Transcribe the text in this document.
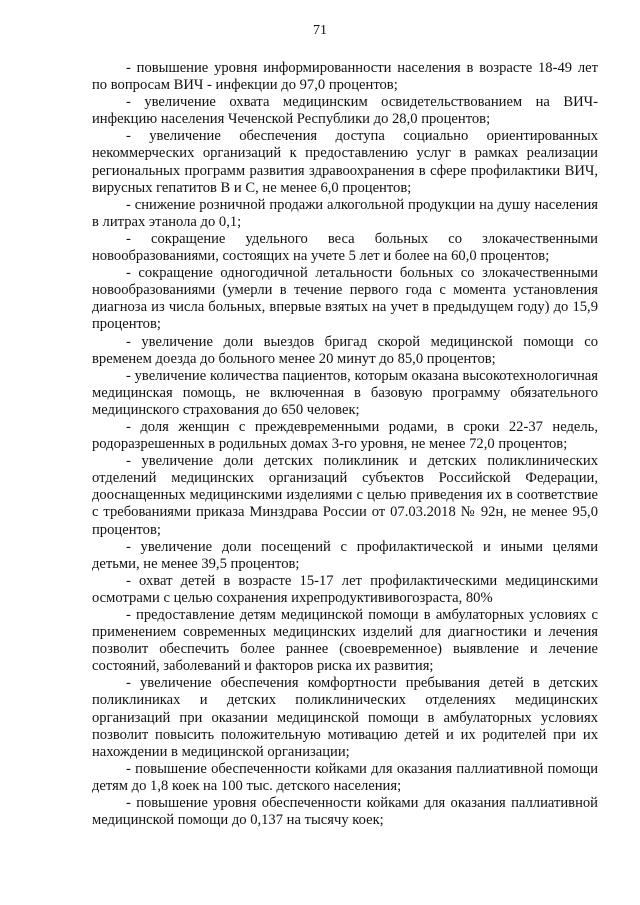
71

- повышение уровня информированности населения в возрасте 18-49 лет по вопросам ВИЧ - инфекции до 97,0 процентов;

- увеличение охвата медицинским освидетельствованием на ВИЧ-инфекцию населения Чеченской Республики до 28,0 процентов;

- увеличение обеспечения доступа социально ориентированных некоммерческих организаций к предоставлению услуг в рамках реализации региональных программ развития здравоохранения в сфере профилактики ВИЧ, вирусных гепатитов В и С, не менее 6,0 процентов;

- снижение розничной продажи алкогольной продукции на душу населения в литрах этанола до 0,1;

- сокращение удельного веса больных со злокачественными новообразованиями, состоящих на учете 5 лет и более на 60,0 процентов;

- сокращение одногодичной летальности больных со злокачественными новообразованиями (умерли в течение первого года с момента установления диагноза из числа больных, впервые взятых на учет в предыдущем году) до 15,9 процентов;

- увеличение доли выездов бригад скорой медицинской помощи со временем доезда до больного менее 20 минут до 85,0 процентов;

- увеличение количества пациентов, которым оказана высокотехнологичная медицинская помощь, не включенная в базовую программу обязательного медицинского страхования до 650 человек;

- доля женщин с преждевременными родами, в сроки 22-37 недель, родоразрешенных в родильных домах 3-го уровня, не менее 72,0 процентов;

- увеличение доли детских поликлиник и детских поликлинических отделений медицинских организаций субъектов Российской Федерации, дооснащенных медицинскими изделиями с целью приведения их в соответствие с требованиями приказа Минздрава России от 07.03.2018 № 92н, не менее 95,0 процентов;

- увеличение доли посещений с профилактической и иными целями детьми, не менее 39,5 процентов;

- охват детей в возрасте 15-17 лет профилактическими медицинскими осмотрами с целью сохранения ихрепродуктививогозраста, 80%

- предоставление детям медицинской помощи в амбулаторных условиях с применением современных медицинских изделий для диагностики и лечения позволит обеспечить более раннее (своевременное) выявление и лечение состояний, заболеваний и факторов риска их развития;

- увеличение обеспечения комфортности пребывания детей в детских поликлиниках и детских поликлинических отделениях медицинских организаций при оказании медицинской помощи в амбулаторных условиях позволит повысить положительную мотивацию детей и их родителей при их нахождении в медицинской организации;

- повышение обеспеченности койками для оказания паллиативной помощи детям до 1,8 коек на 100 тыс. детского населения;

- повышение уровня обеспеченности койками для оказания паллиативной медицинской помощи до 0,137 на тысячу коек;
